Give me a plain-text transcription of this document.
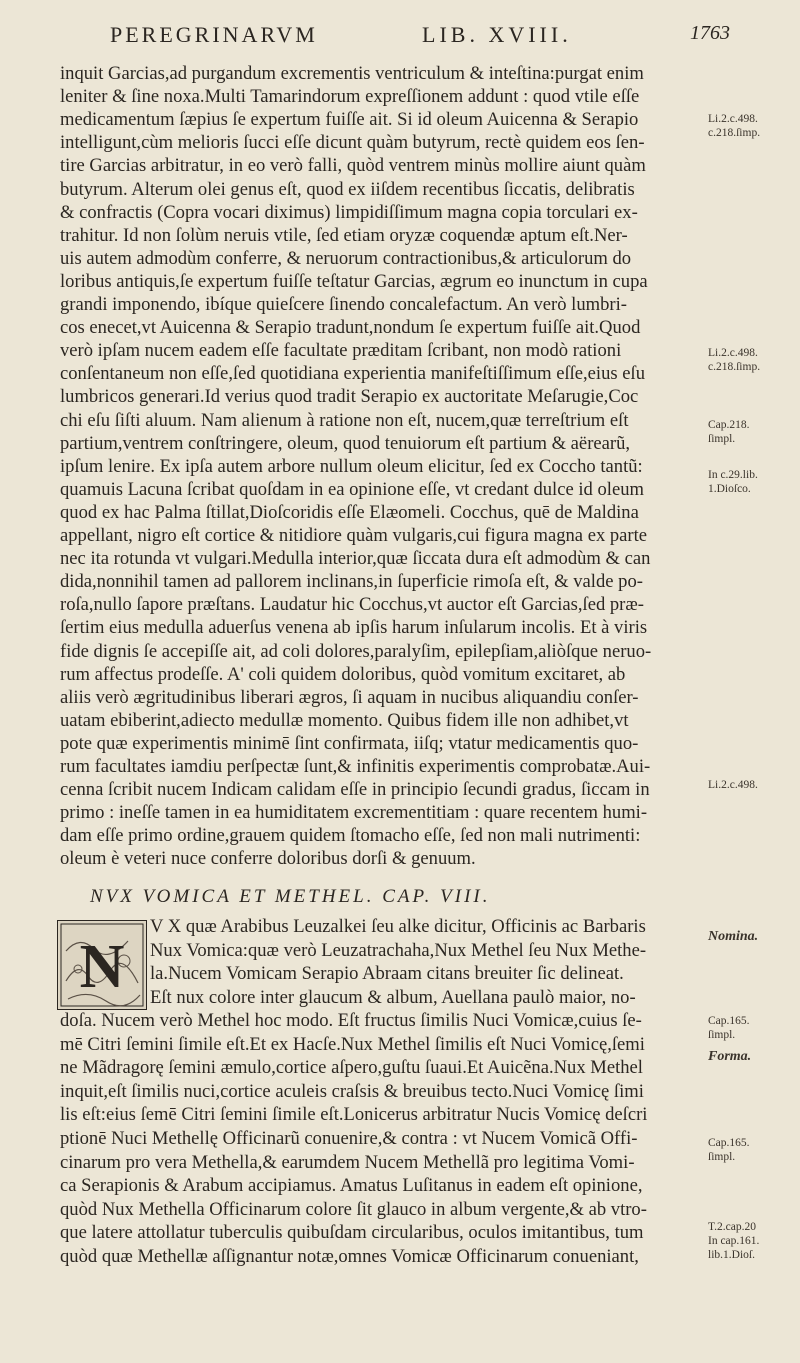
PEREGRINARVM	LIB. XVIII.	1763
inquit Garcias,ad purgandum excrementis ventriculum & inteſtina:purgat enim
leniter & ſine noxa.Multi Tamarindorum expreſſionem addunt : quod vtile eſſe
medicamentum ſæpius ſe expertum fuiſſe ait. Si id oleum Auicenna & Serapio
intelligunt,cùm melioris ſucci eſſe dicunt quàm butyrum, rectè quidem eos ſen-
tire Garcias arbitratur, in eo verò falli, quòd ventrem minùs mollire aiunt quàm
butyrum. Alterum olei genus eſt, quod ex iiſdem recentibus ſiccatis, delibratis
& confractis (Copra vocari diximus) limpidiſſimum magna copia torculari ex-
trahitur. Id non ſolùm neruis vtile, ſed etiam oryzæ coquendæ aptum eſt.Ner-
uis autem admodùm conferre, & neruorum contractionibus,& articulorum do
loribus antiquis,ſe expertum fuiſſe teſtatur Garcias, ægrum eo inunctum in cupa
grandi imponendo, ibíque quieſcere ſinendo concalefactum. An verò lumbri-
cos enecet,vt Auicenna & Serapio tradunt,nondum ſe expertum fuiſſe ait.Quod
verò ipſam nucem eadem eſſe facultate præditam ſcribant, non modò rationi
conſentaneum non eſſe,ſed quotidiana experientia manifeſtiſſimum eſſe,eius eſu
lumbricos generari.Id verius quod tradit Serapio ex auctoritate Meſarugie,Coc
chi eſu ſiſti aluum. Nam alienum à ratione non eſt, nucem,quæ terreſtrium eſt
partium,ventrem conſtringere, oleum, quod tenuiorum eſt partium & aërearũ,
ipſum lenire. Ex ipſa autem arbore nullum oleum elicitur, ſed ex Coccho tantũ:
quamuis Lacuna ſcribat quoſdam in ea opinione eſſe, vt credant dulce id oleum
quod ex hac Palma ſtillat,Dioſcoridis eſſe Elæomeli. Cocchus, quē de Maldina
appellant, nigro eſt cortice & nitidiore quàm vulgaris,cui figura magna ex parte
nec ita rotunda vt vulgari.Medulla interior,quæ ſiccata dura eſt admodùm & can
dida,nonnihil tamen ad pallorem inclinans,in ſuperficie rimoſa eſt, & valde po-
roſa,nullo ſapore præſtans. Laudatur hic Cocchus,vt auctor eſt Garcias,ſed præ-
ſertim eius medulla aduerſus venena ab ipſis harum inſularum incolis. Et à viris
fide dignis ſe accepiſſe ait, ad coli dolores,paralyſim, epilepſiam,aliòſque neruo-
rum affectus prodeſſe. A' coli quidem doloribus, quòd vomitum excitaret, ab
aliis verò ægritudinibus liberari ægros, ſi aquam in nucibus aliquandiu conſer-
uatam ebiberint,adiecto medullæ momento. Quibus fidem ille non adhibet,vt
pote quæ experimentis minimē ſint confirmata, iiſq; vtatur medicamentis quo-
rum facultates iamdiu perſpectæ ſunt,& infinitis experimentis comprobatæ.Aui-
cenna ſcribit nucem Indicam calidam eſſe in principio ſecundi gradus, ſiccam in
primo : ineſſe tamen in ea humiditatem excrementitiam : quare recentem humi-
dam eſſe primo ordine,grauem quidem ſtomacho eſſe, ſed non mali nutrimenti:
oleum è veteri nuce conferre doloribus dorſi & genuum.
NVX VOMICA ET METHEL. CAP. VIII.
N
V X quæ Arabibus Leuzalkei ſeu alke dicitur, Officinis ac Barbaris
Nux Vomica:quæ verò Leuzatrachaha,Nux Methel ſeu Nux Methe-
la.Nucem Vomicam Serapio Abraam citans breuiter ſic delineat.
Eſt nux colore inter glaucum & album, Auellana paulò maior, no-
doſa. Nucem verò Methel hoc modo. Eſt fructus ſimilis Nuci Vomicæ,cuius ſe-
mē Citri ſemini ſimile eſt.Et ex Hacſe.Nux Methel ſimilis eſt Nuci Vomicę,ſemi
ne Mãdragorę ſemini æmulo,cortice aſpero,guſtu ſuaui.Et Auicẽna.Nux Methel
inquit,eſt ſimilis nuci,cortice aculeis craſsis & breuibus tecto.Nuci Vomicę ſimi
lis eſt:eius ſemē Citri ſemini ſimile eſt.Lonicerus arbitratur Nucis Vomicę deſcri
ptionē Nuci Methellę Officinarũ conuenire,& contra : vt Nucem Vomicã Offi-
cinarum pro vera Methella,& earumdem Nucem Methellã pro legitima Vomi-
ca Serapionis & Arabum accipiamus. Amatus Luſitanus in eadem eſt opinione,
quòd Nux Methella Officinarum colore ſit glauco in album vergente,& ab vtro-
que latere attollatur tuberculis quibuſdam circularibus, oculos imitantibus, tum
quòd quæ Methellæ aſſignantur notæ,omnes Vomicæ Officinarum conueniant,
Li.2.c.498.
c.218.ſimp.
Li.2.c.498.
c.218.ſimp.
Cap.218.
ſimpl.
In c.29.lib.
1.Dioſco.
Li.2.c.498.
Nomina.
Cap.165.
ſimpl.
Forma.
Cap.165.
ſimpl.
T.2.cap.20
In cap.161.
lib.1.Dioſ.
